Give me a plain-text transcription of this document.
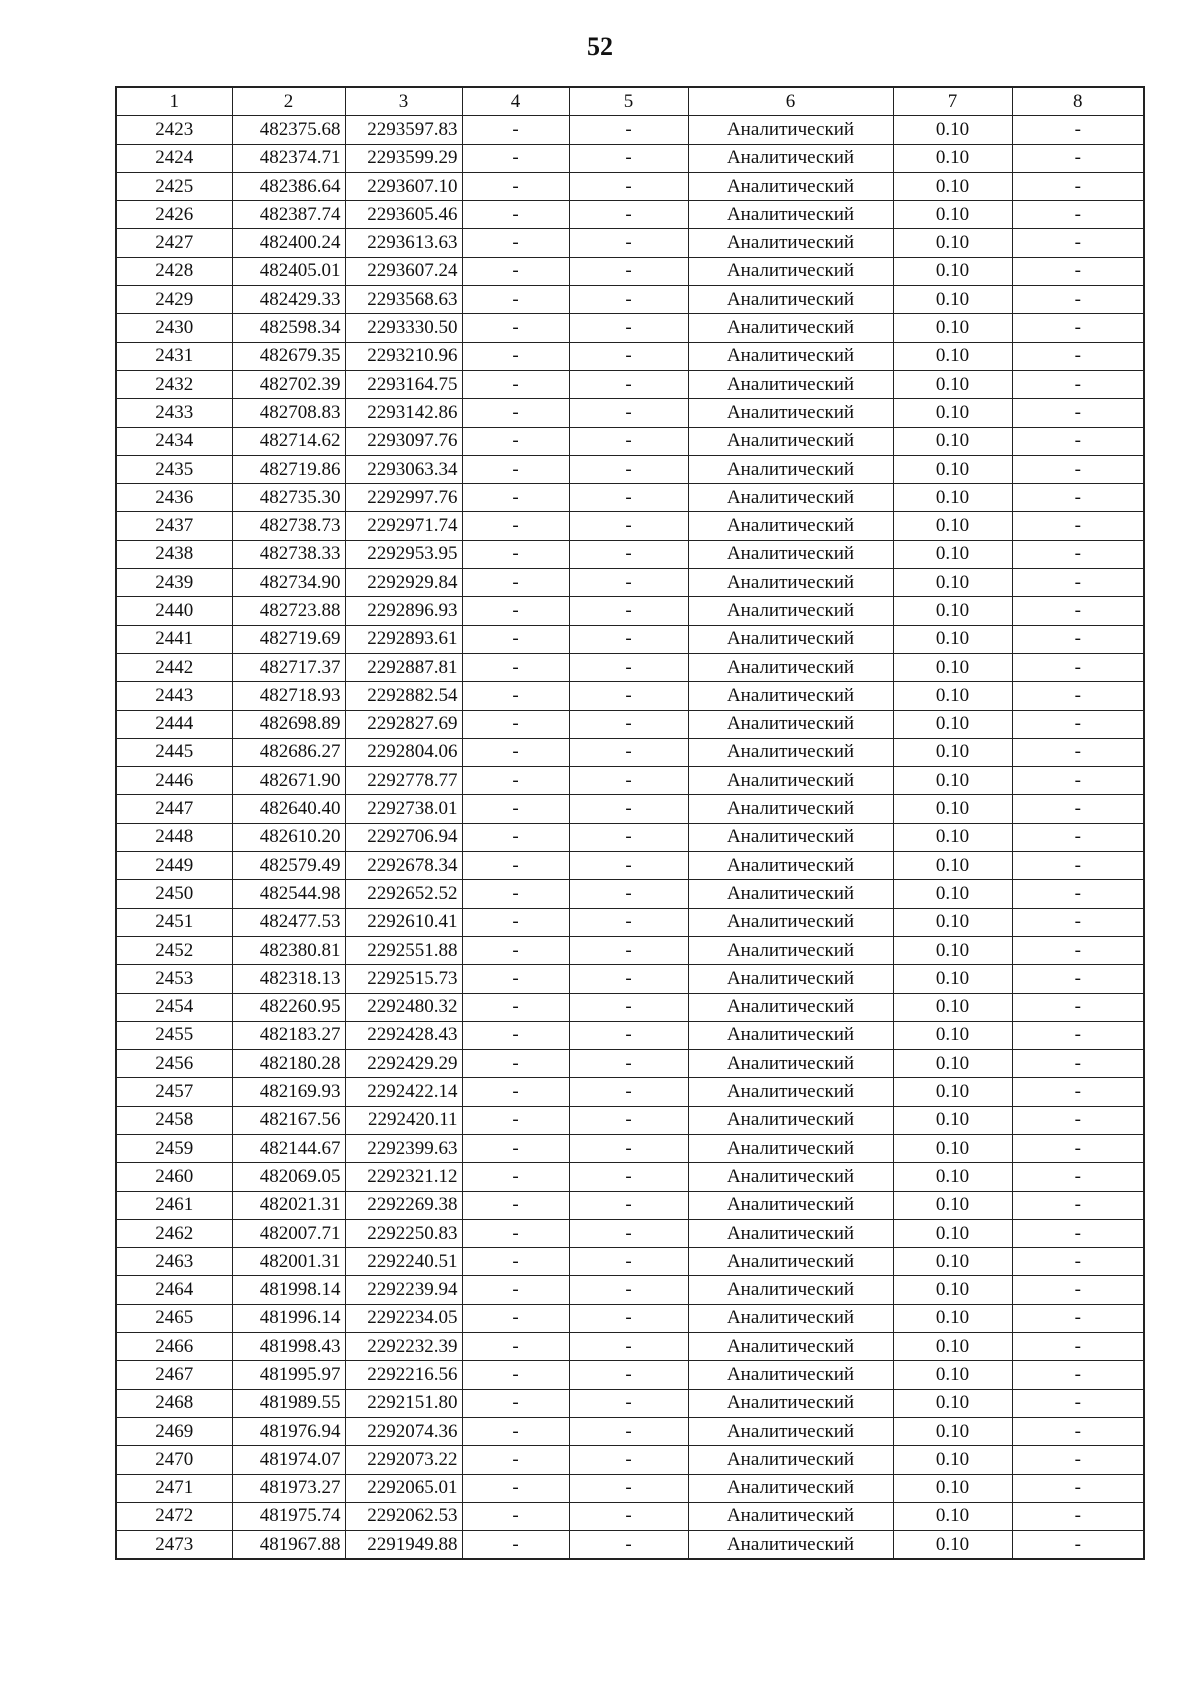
52
1	2	3	4	5	6	7	8
2423	482375.68	2293597.83	-	-	Аналитический	0.10	-
2424	482374.71	2293599.29	-	-	Аналитический	0.10	-
2425	482386.64	2293607.10	-	-	Аналитический	0.10	-
2426	482387.74	2293605.46	-	-	Аналитический	0.10	-
2427	482400.24	2293613.63	-	-	Аналитический	0.10	-
2428	482405.01	2293607.24	-	-	Аналитический	0.10	-
2429	482429.33	2293568.63	-	-	Аналитический	0.10	-
2430	482598.34	2293330.50	-	-	Аналитический	0.10	-
2431	482679.35	2293210.96	-	-	Аналитический	0.10	-
2432	482702.39	2293164.75	-	-	Аналитический	0.10	-
2433	482708.83	2293142.86	-	-	Аналитический	0.10	-
2434	482714.62	2293097.76	-	-	Аналитический	0.10	-
2435	482719.86	2293063.34	-	-	Аналитический	0.10	-
2436	482735.30	2292997.76	-	-	Аналитический	0.10	-
2437	482738.73	2292971.74	-	-	Аналитический	0.10	-
2438	482738.33	2292953.95	-	-	Аналитический	0.10	-
2439	482734.90	2292929.84	-	-	Аналитический	0.10	-
2440	482723.88	2292896.93	-	-	Аналитический	0.10	-
2441	482719.69	2292893.61	-	-	Аналитический	0.10	-
2442	482717.37	2292887.81	-	-	Аналитический	0.10	-
2443	482718.93	2292882.54	-	-	Аналитический	0.10	-
2444	482698.89	2292827.69	-	-	Аналитический	0.10	-
2445	482686.27	2292804.06	-	-	Аналитический	0.10	-
2446	482671.90	2292778.77	-	-	Аналитический	0.10	-
2447	482640.40	2292738.01	-	-	Аналитический	0.10	-
2448	482610.20	2292706.94	-	-	Аналитический	0.10	-
2449	482579.49	2292678.34	-	-	Аналитический	0.10	-
2450	482544.98	2292652.52	-	-	Аналитический	0.10	-
2451	482477.53	2292610.41	-	-	Аналитический	0.10	-
2452	482380.81	2292551.88	-	-	Аналитический	0.10	-
2453	482318.13	2292515.73	-	-	Аналитический	0.10	-
2454	482260.95	2292480.32	-	-	Аналитический	0.10	-
2455	482183.27	2292428.43	-	-	Аналитический	0.10	-
2456	482180.28	2292429.29	-	-	Аналитический	0.10	-
2457	482169.93	2292422.14	-	-	Аналитический	0.10	-
2458	482167.56	2292420.11	-	-	Аналитический	0.10	-
2459	482144.67	2292399.63	-	-	Аналитический	0.10	-
2460	482069.05	2292321.12	-	-	Аналитический	0.10	-
2461	482021.31	2292269.38	-	-	Аналитический	0.10	-
2462	482007.71	2292250.83	-	-	Аналитический	0.10	-
2463	482001.31	2292240.51	-	-	Аналитический	0.10	-
2464	481998.14	2292239.94	-	-	Аналитический	0.10	-
2465	481996.14	2292234.05	-	-	Аналитический	0.10	-
2466	481998.43	2292232.39	-	-	Аналитический	0.10	-
2467	481995.97	2292216.56	-	-	Аналитический	0.10	-
2468	481989.55	2292151.80	-	-	Аналитический	0.10	-
2469	481976.94	2292074.36	-	-	Аналитический	0.10	-
2470	481974.07	2292073.22	-	-	Аналитический	0.10	-
2471	481973.27	2292065.01	-	-	Аналитический	0.10	-
2472	481975.74	2292062.53	-	-	Аналитический	0.10	-
2473	481967.88	2291949.88	-	-	Аналитический	0.10	-
